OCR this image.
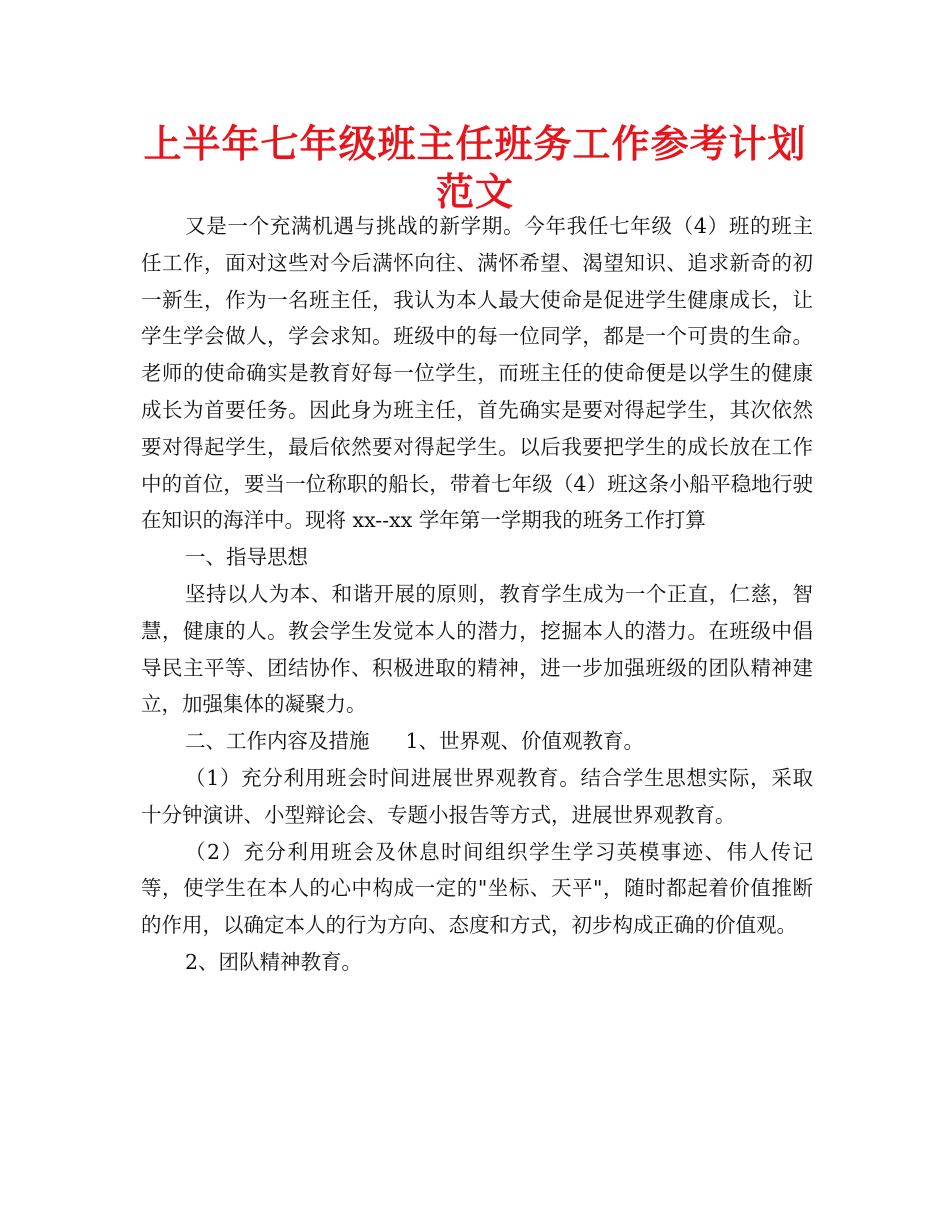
上半年七年级班主任班务工作参考计划范文

又是一个充满机遇与挑战的新学期。今年我任七年级（4）班的班主任工作，面对这些对今后满怀向往、满怀希望、渴望知识、追求新奇的初一新生，作为一名班主任，我认为本人最大使命是促进学生健康成长，让学生学会做人，学会求知。班级中的每一位同学，都是一个可贵的生命。老师的使命确实是教育好每一位学生，而班主任的使命便是以学生的健康成长为首要任务。因此身为班主任，首先确实是要对得起学生，其次依然要对得起学生，最后依然要对得起学生。以后我要把学生的成长放在工作中的首位，要当一位称职的船长，带着七年级（4）班这条小船平稳地行驶在知识的海洋中。现将 xx--xx 学年第一学期我的班务工作打算

一、指导思想

坚持以人为本、和谐开展的原则，教育学生成为一个正直，仁慈，智慧，健康的人。教会学生发觉本人的潜力，挖掘本人的潜力。在班级中倡导民主平等、团结协作、积极进取的精神，进一步加强班级的团队精神建立，加强集体的凝聚力。

二、工作内容及措施 1、世界观、价值观教育。

（1）充分利用班会时间进展世界观教育。结合学生思想实际，采取十分钟演讲、小型辩论会、专题小报告等方式，进展世界观教育。

（2）充分利用班会及休息时间组织学生学习英模事迹、伟人传记等，使学生在本人的心中构成一定的"坐标、天平"，随时都起着价值推断的作用，以确定本人的行为方向、态度和方式，初步构成正确的价值观。

2、团队精神教育。
